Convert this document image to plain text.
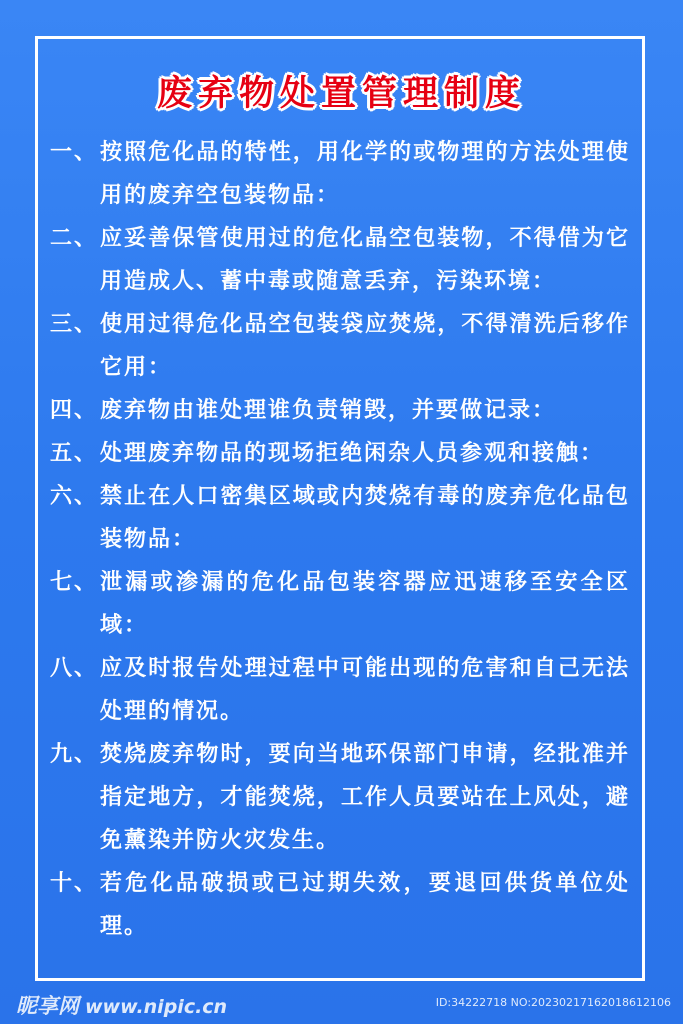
废弃物处置管理制度
一、 按照危化品的特性，用化学的或物理的方法处理使用的废弃空包装物品：
二、 应妥善保管使用过的危化晶空包装物，不得借为它用造成人、蓄中毒或随意丢弃，污染环境：
三、 使用过得危化品空包装袋应焚烧，不得清洗后移作它用：
四、 废弃物由谁处理谁负责销毁，并要做记录：
五、 处理废弃物品的现场拒绝闲杂人员参观和接触：
六、 禁止在人口密集区域或内焚烧有毒的废弃危化品包装物品：
七、 泄漏或渗漏的危化品包装容器应迅速移至安全区域：
八、 应及时报告处理过程中可能出现的危害和自己无法处理的情况。
九、 焚烧废弃物时，要向当地环保部门申请，经批准并指定地方，才能焚烧，工作人员要站在上风处，避免薰染并防火灾发生。
十、 若危化品破损或已过期失效，要退回供货单位处理。
昵享网 www.nipic.cn	ID:34222718 NO:20230217162018612106
